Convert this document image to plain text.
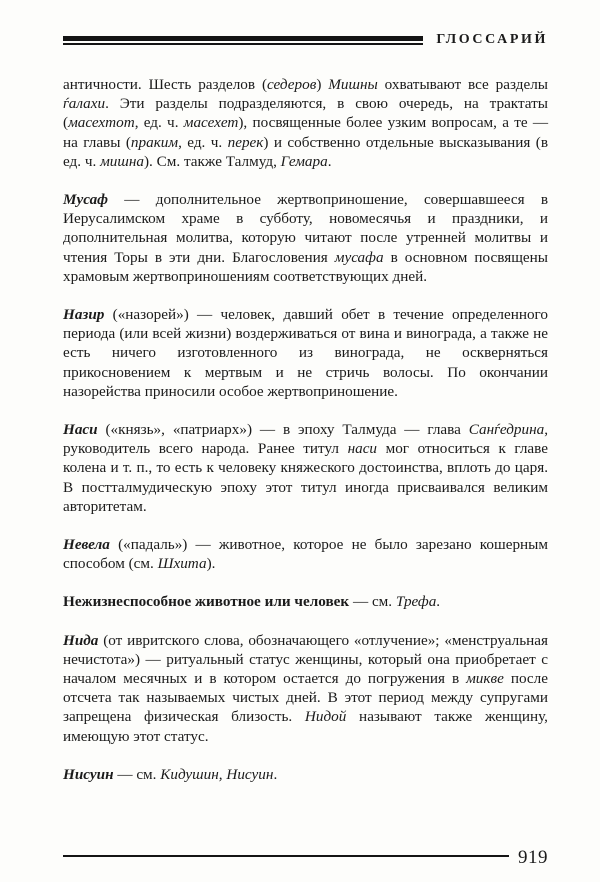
ГЛОССАРИЙ

античности. Шесть разделов (седеров) Мишны охватывают все разделы ѓалахи. Эти разделы подразделяются, в свою очередь, на трактаты (масехтот, ед. ч. масехет), посвященные более узким вопросам, а те — на главы (праким, ед. ч. перек) и собственно отдельные высказывания (в ед. ч. мишна). См. также Талмуд, Гемара.

Мусаф — дополнительное жертвоприношение, совершавшееся в Иерусалимском храме в субботу, новомесячья и праздники, и дополнительная молитва, которую читают после утренней молитвы и чтения Торы в эти дни. Благословения мусафа в основном посвящены храмовым жертвоприношениям соответствующих дней.

Назир («назорей») — человек, давший обет в течение определенного периода (или всей жизни) воздерживаться от вина и винограда, а также не есть ничего изготовленного из винограда, не оскверняться прикосновением к мертвым и не стричь волосы. По окончании назорейства приносили особое жертвоприношение.

Наси («князь», «патриарх») — в эпоху Талмуда — глава Санѓедрина, руководитель всего народа. Ранее титул наси мог относиться к главе колена и т. п., то есть к человеку княжеского достоинства, вплоть до царя. В постталмудическую эпоху этот титул иногда присваивался великим авторитетам.

Невела («падаль») — животное, которое не было зарезано кошерным способом (см. Шхита).

Нежизнеспособное животное или человек — см. Трефа.

Нида (от ивритского слова, обозначающего «отлучение»; «менструальная нечистота») — ритуальный статус женщины, который она приобретает с началом месячных и в котором остается до погружения в микве после отсчета так называемых чистых дней. В этот период между супругами запрещена физическая близость. Нидой называют также женщину, имеющую этот статус.

Нисуин — см. Кидушин, Нисуин.

919
